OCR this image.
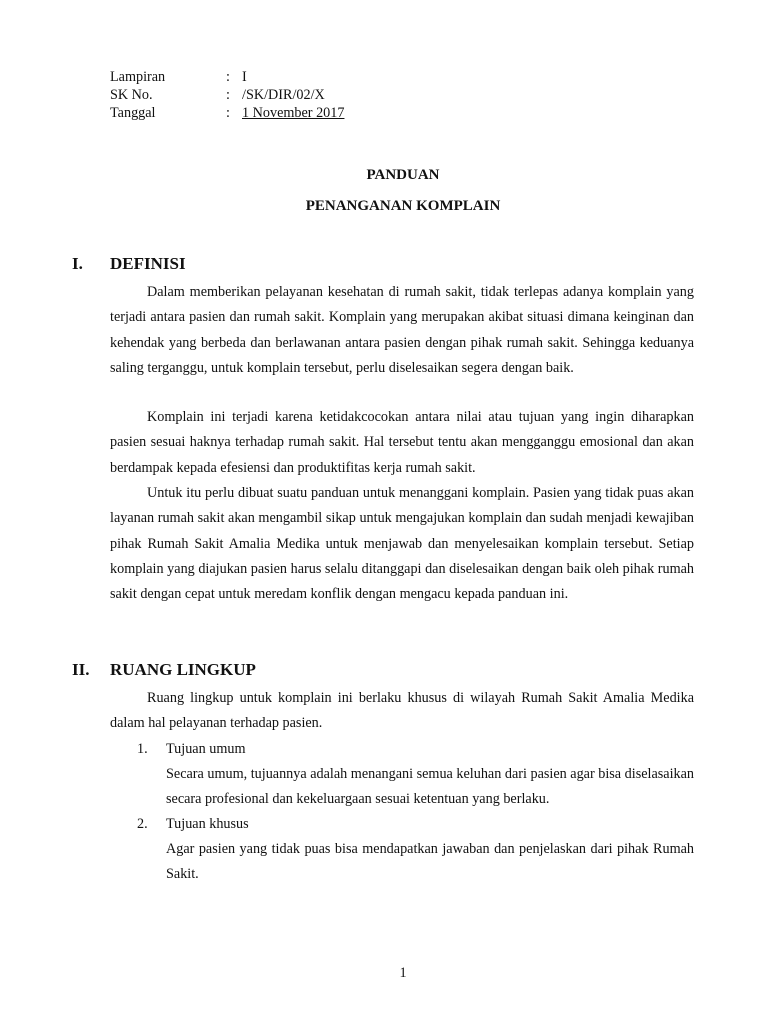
Lampiran	: I
SK No.	: /SK/DIR/02/X
Tanggal	: 1 November 2017
PANDUAN
PENANGANAN KOMPLAIN
I. DEFINISI

Dalam memberikan pelayanan kesehatan di rumah sakit, tidak terlepas adanya komplain yang terjadi antara pasien dan rumah sakit. Komplain yang merupakan akibat situasi dimana keinginan dan kehendak yang berbeda dan berlawanan antara pasien dengan pihak rumah sakit. Sehingga keduanya saling terganggu, untuk komplain tersebut, perlu diselesaikan segera dengan baik.

Komplain ini terjadi karena ketidakcocokan antara nilai atau tujuan yang ingin diharapkan pasien sesuai haknya terhadap rumah sakit. Hal tersebut tentu akan mengganggu emosional dan akan berdampak kepada efesiensi dan produktifitas kerja rumah sakit.

Untuk itu perlu dibuat suatu panduan untuk menanggani komplain. Pasien yang tidak puas akan layanan rumah sakit akan mengambil sikap untuk mengajukan komplain dan sudah menjadi kewajiban pihak Rumah Sakit Amalia Medika untuk menjawab dan menyelesaikan komplain tersebut. Setiap komplain yang diajukan pasien harus selalu ditanggapi dan diselesaikan dengan baik oleh pihak rumah sakit dengan cepat untuk meredam konflik dengan mengacu kepada panduan ini.

II. RUANG LINGKUP

Ruang lingkup untuk komplain ini berlaku khusus di wilayah Rumah Sakit Amalia Medika dalam hal pelayanan terhadap pasien.

1. Tujuan umum

Secara umum, tujuannya adalah menangani semua keluhan dari pasien agar bisa diselasaikan secara profesional dan kekeluargaan sesuai ketentuan yang berlaku.

2. Tujuan khusus

Agar pasien yang tidak puas bisa mendapatkan jawaban dan penjelaskan dari pihak Rumah Sakit.

1
